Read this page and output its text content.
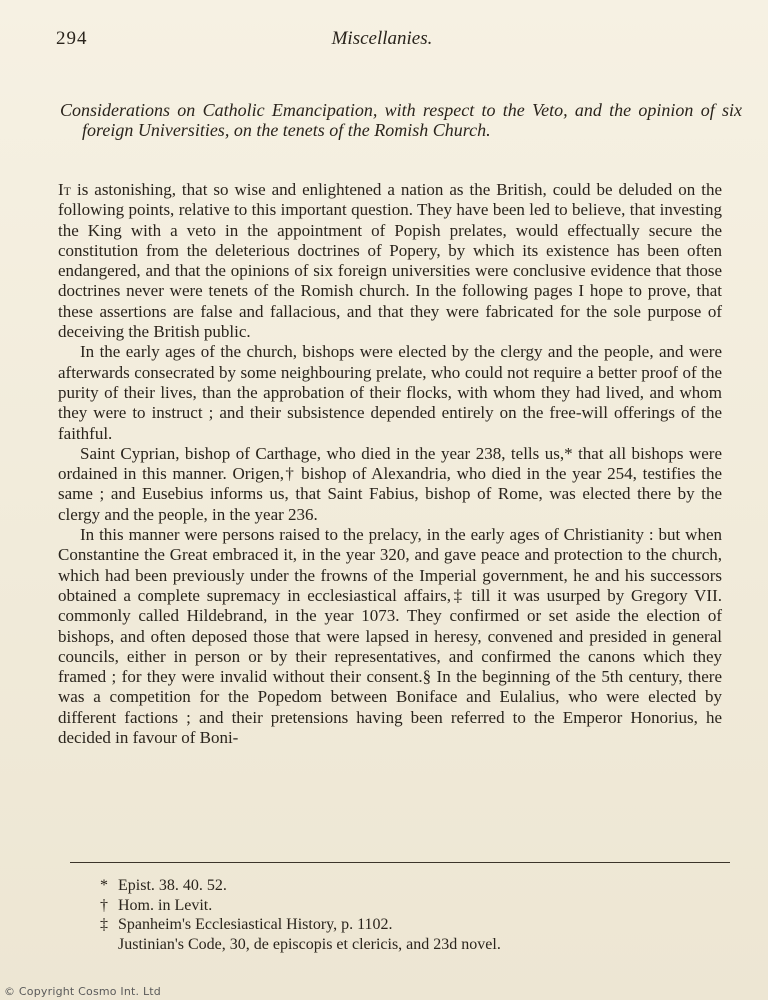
294	Miscellanies.
Considerations on Catholic Emancipation, with respect to the Veto, and the opinion of six foreign Universities, on the tenets of the Romish Church.

It is astonishing, that so wise and enlightened a nation as the British, could be deluded on the following points, relative to this important question. They have been led to believe, that investing the King with a veto in the appointment of Popish prelates, would effectually secure the constitution from the deleterious doctrines of Popery, by which its existence has been often endangered, and that the opinions of six foreign universities were conclusive evidence that those doctrines never were tenets of the Romish church. In the following pages I hope to prove, that these assertions are false and fallacious, and that they were fabricated for the sole purpose of deceiving the British public.

In the early ages of the church, bishops were elected by the clergy and the people, and were afterwards consecrated by some neighbouring prelate, who could not require a better proof of the purity of their lives, than the approbation of their flocks, with whom they had lived, and whom they were to instruct ; and their subsistence depended entirely on the free-will offerings of the faithful.

Saint Cyprian, bishop of Carthage, who died in the year 238, tells us,* that all bishops were ordained in this manner. Origen,† bishop of Alexandria, who died in the year 254, testifies the same ; and Eusebius informs us, that Saint Fabius, bishop of Rome, was elected there by the clergy and the people, in the year 236.

In this manner were persons raised to the prelacy, in the early ages of Christianity : but when Constantine the Great embraced it, in the year 320, and gave peace and protection to the church, which had been previously under the frowns of the Imperial government, he and his successors obtained a complete supremacy in ecclesiastical affairs,‡ till it was usurped by Gregory VII. commonly called Hildebrand, in the year 1073. They confirmed or set aside the election of bishops, and often deposed those that were lapsed in heresy, convened and presided in general councils, either in person or by their representatives, and confirmed the canons which they framed ; for they were invalid without their consent.§ In the beginning of the 5th century, there was a competition for the Popedom between Boniface and Eulalius, who were elected by different factions ; and their pretensions having been referred to the Emperor Honorius, he decided in favour of Boni-

* Epist. 38. 40. 52.

† Hom. in Levit.

‡ Spanheim's Ecclesiastical History, p. 1102.

Justinian's Code, 30, de episcopis et clericis, and 23d novel.

© Copyright Cosmo Int. Ltd
